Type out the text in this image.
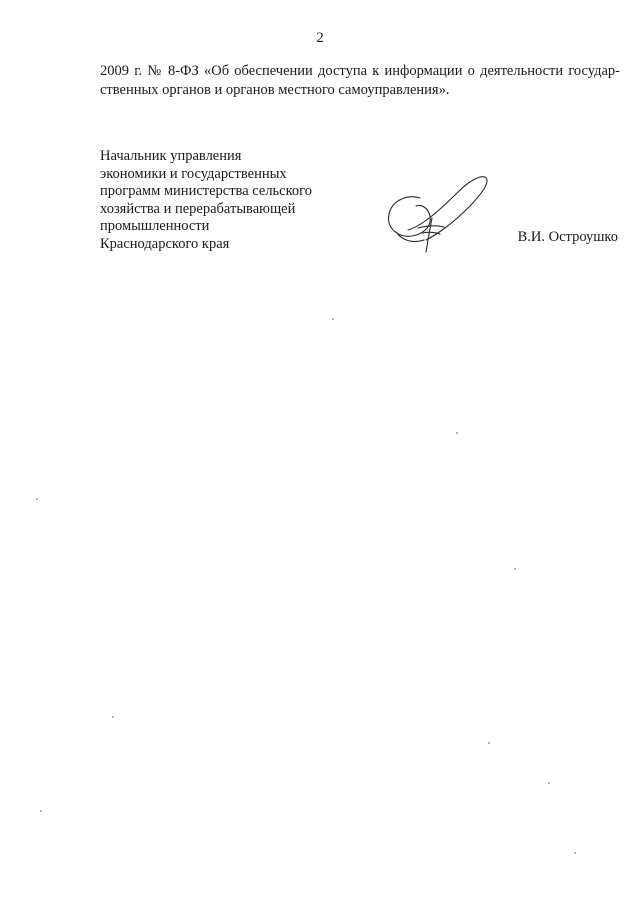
2

2009 г. № 8-ФЗ «Об обеспечении доступа к информации о деятельности государ-
ственных органов и органов местного самоуправления».

Начальник управления
экономики и государственных
программ министерства сельского
хозяйства и перерабатывающей
промышленности
Краснодарского края	В.И. Остроушко
